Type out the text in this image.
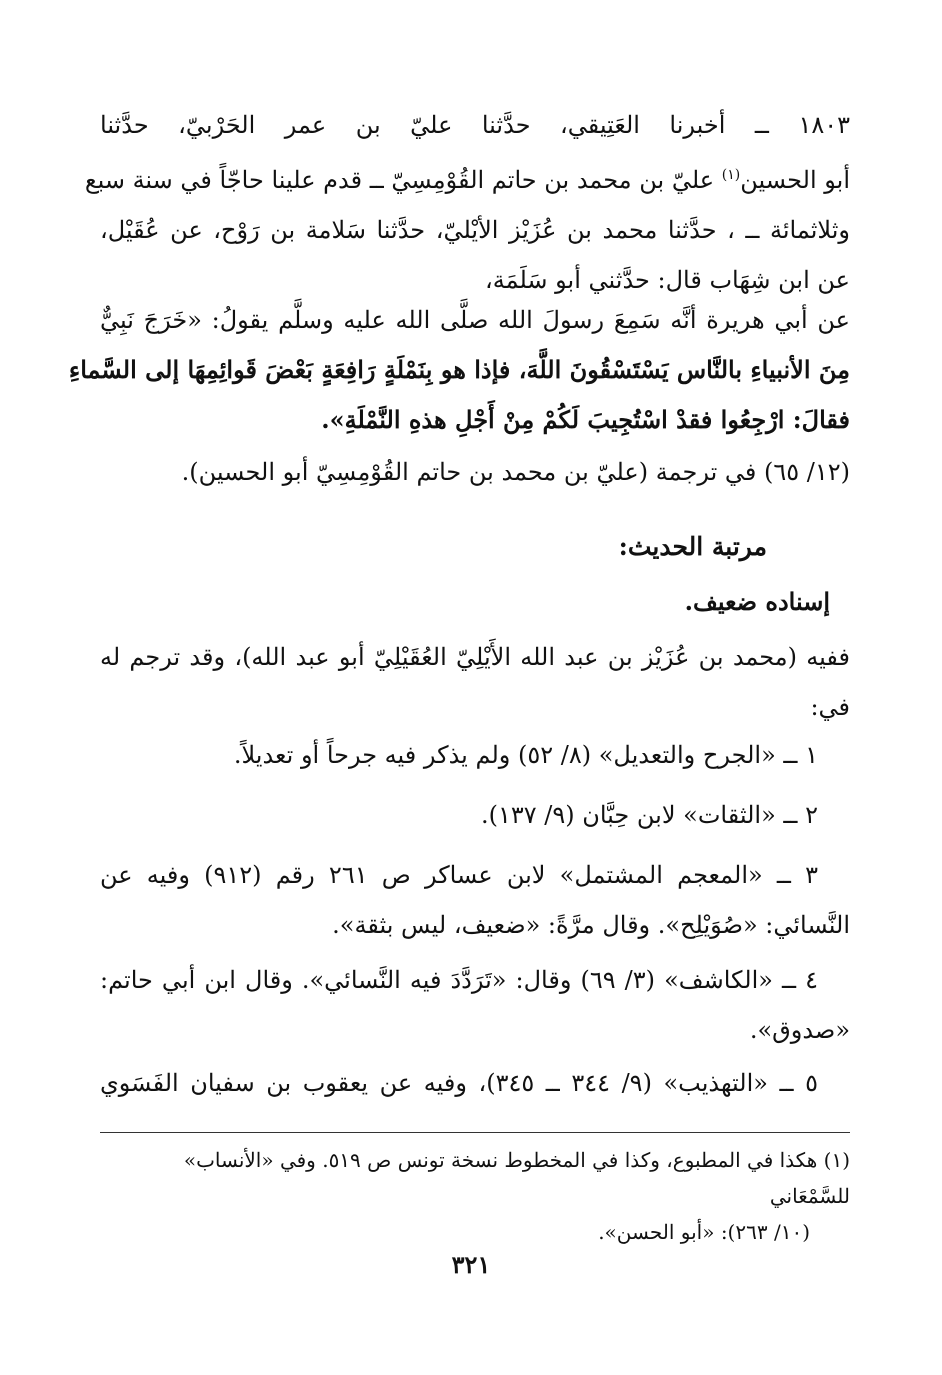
١٨٠٣ ــ أخبرنا العَتِيقي، حدَّثنا عليّ بن عمر الحَرْبيّ، حدَّثنا
أبو الحسين$^{(١)}$ عليّ بن محمد بن حاتم القُوْمِسِيّ ــ قدم علينا حاجّاً في سنة سبع
وثلاثمائة ــ ، حدَّثنا محمد بن عُزَيْز الأيْليّ، حدَّثنا سَلامة بن رَوْح، عن عُقَيْل،
عن ابن شِهَاب قال: حدَّثني أبو سَلَمَة،
عن أبي هريرة أنَّه سَمِعَ رسولَ الله صلَّى الله عليه وسلَّم يقولُ: «خَرَجَ نَبِيٌّ
مِنَ الأنبياءِ بالنَّاس يَسْتَسْقُونَ اللَّهَ، فإذا هو بِنَمْلَةٍ رَافِعَةٍ بَعْضَ قَوائِمِهَا إلى السَّماءِ
فقالَ: ارْجِعُوا فقدْ اسْتُجِيبَ لَكُمْ مِنْ أَجْلِ هذهِ النَّمْلَةِ».
(١٢/ ٦٥) في ترجمة (عليّ بن محمد بن حاتم القُوْمِسِيّ أبو الحسين).
مرتبة الحديث:
إسناده ضعيف.
ففيه (محمد بن عُزَيْز بن عبد الله الأَيْلِيّ العُقَيْلِيّ أبو عبد الله)، وقد ترجم له
في:
١ ــ «الجرح والتعديل» (٨/ ٥٢) ولم يذكر فيه جرحاً أو تعديلاً.
٢ ــ «الثقات» لابن حِبَّان (٩/ ١٣٧).
٣ ــ «المعجم المشتمل» لابن عساكر ص ٢٦١ رقم (٩١٢) وفيه عن
النَّسائي: «صُوَيْلِح». وقال مرَّةً: «ضعيف، ليس بثقة».
٤ ــ «الكاشف» (٣/ ٦٩) وقال: «تَرَدَّدَ فيه النَّسائي». وقال ابن أبي حاتم:
«صدوق».
٥ ــ «التهذيب» (٩/ ٣٤٤ ــ ٣٤٥)، وفيه عن يعقوب بن سفيان الفَسَوي
(١) هكذا في المطبوع، وكذا في المخطوط نسخة تونس ص ٥١٩. وفي «الأنساب» للسَّمْعَاني
(١٠/ ٢٦٣): «أبو الحسن».
٣٢١
